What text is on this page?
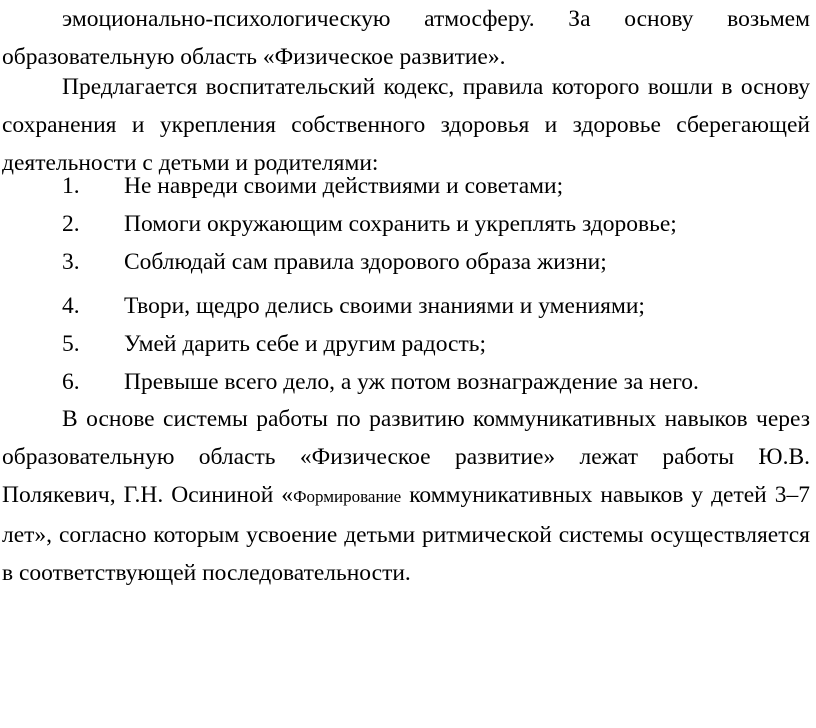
эмоционально-психологическую атмосферу. За основу возьмем образовательную область «Физическое развитие».

Предлагается воспитательский кодекс, правила которого вошли в основу сохранения и укрепления собственного здоровья и здоровье сберегающей деятельности с детьми и родителями:

1. Не навреди своими действиями и советами;
2. Помоги окружающим сохранить и укреплять здоровье;
3. Соблюдай сам правила здорового образа жизни;
4. Твори, щедро делись своими знаниями и умениями;
5. Умей дарить себе и другим радость;
6. Превыше всего дело, а уж потом вознаграждение за него.

В основе системы работы по развитию коммуникативных навыков через образовательную область «Физическое развитие» лежат работы Ю.В. Полякевич, Г.Н. Осининой «Формирование коммуникативных навыков у детей 3–7 лет», согласно которым усвоение детьми ритмической системы осуществляется в соответствующей последовательности.
